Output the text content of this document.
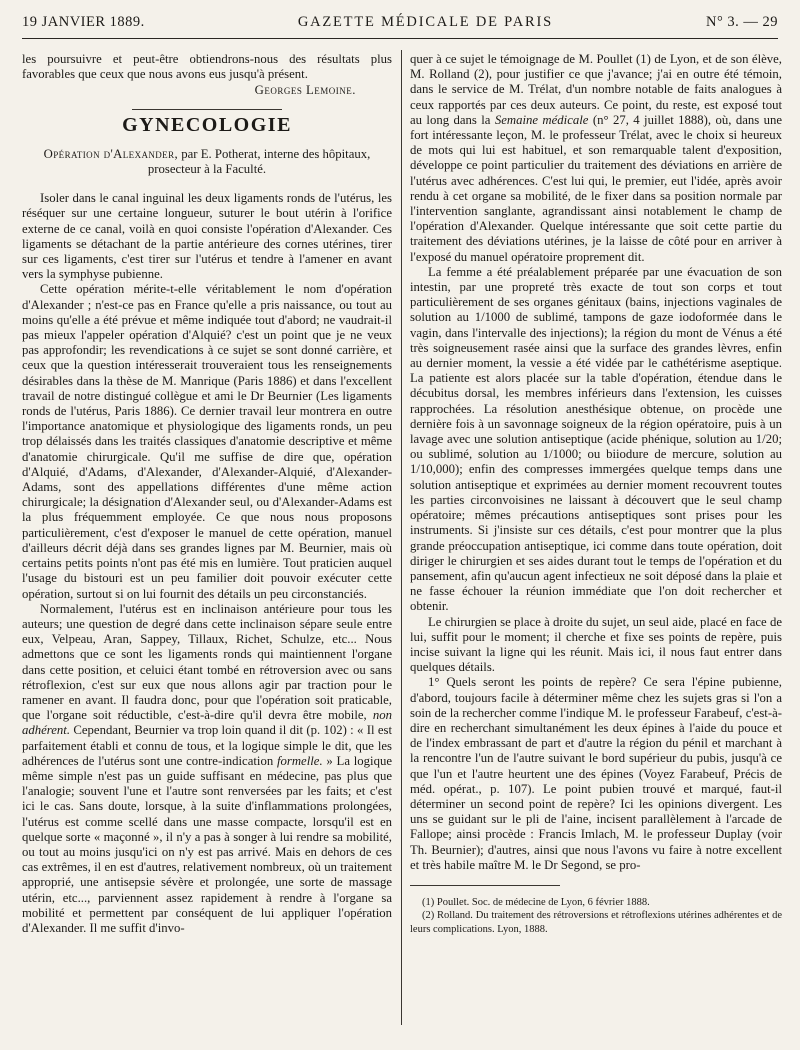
19 JANVIER 1889.	GAZETTE MÉDICALE DE PARIS	N° 3. — 29

les poursuivre et peut-être obtiendrons-nous des résultats plus favorables que ceux que nous avons eus jusqu'à présent.

Georges Lemoine.
GYNECOLOGIE

Opération d'Alexander, par E. Potherat, interne des hôpitaux, prosecteur à la Faculté.

Isoler dans le canal inguinal les deux ligaments ronds de l'utérus, les réséquer sur une certaine longueur, suturer le bout utérin à l'orifice externe de ce canal, voilà en quoi consiste l'opération d'Alexander. Ces ligaments se détachant de la partie antérieure des cornes utérines, tirer sur ces ligaments, c'est tirer sur l'utérus et tendre à l'amener en avant vers la symphyse pubienne.

Cette opération mérite-t-elle véritablement le nom d'opération d'Alexander ; n'est-ce pas en France qu'elle a pris naissance, ou tout au moins qu'elle a été prévue et même indiquée tout d'abord; ne vaudrait-il pas mieux l'appeler opération d'Alquié? c'est un point que je ne veux pas approfondir; les revendications à ce sujet se sont donné carrière, et ceux que la question intéresserait trouveraient tous les renseignements désirables dans la thèse de M. Manrique (Paris 1886) et dans l'excellent travail de notre distingué collègue et ami le Dr Beurnier (Les ligaments ronds de l'utérus, Paris 1886). Ce dernier travail leur montrera en outre l'importance anatomique et physiologique des ligaments ronds, un peu trop délaissés dans les traités classiques d'anatomie descriptive et même d'anatomie chirurgicale. Qu'il me suffise de dire que, opération d'Alquié, d'Adams, d'Alexander, d'Alexander-Alquié, d'Alexander-Adams, sont des appellations différentes d'une même action chirurgicale; la désignation d'Alexander seul, ou d'Alexander-Adams est la plus fréquemment employée. Ce que nous nous proposons particulièrement, c'est d'exposer le manuel de cette opération, manuel d'ailleurs décrit déjà dans ses grandes lignes par M. Beurnier, mais où certains petits points n'ont pas été mis en lumière. Tout praticien auquel l'usage du bistouri est un peu familier doit pouvoir exécuter cette opération, surtout si on lui fournit des détails un peu circonstanciés.

Normalement, l'utérus est en inclinaison antérieure pour tous les auteurs; une question de degré dans cette inclinaison sépare seule entre eux, Velpeau, Aran, Sappey, Tillaux, Richet, Schulze, etc... Nous admettons que ce sont les ligaments ronds qui maintiennent l'organe dans cette position, et celuici étant tombé en rétroversion avec ou sans rétroflexion, c'est sur eux que nous allons agir par traction pour le ramener en avant. Il faudra donc, pour que l'opération soit praticable, que l'organe soit réductible, c'est-à-dire qu'il devra être mobile, non adhérent. Cependant, Beurnier va trop loin quand il dit (p. 102) : « Il est parfaitement établi et connu de tous, et la logique simple le dit, que les adhérences de l'utérus sont une contre-indication formelle. » La logique même simple n'est pas un guide suffisant en médecine, pas plus que l'analogie; souvent l'une et l'autre sont renversées par les faits; et c'est ici le cas. Sans doute, lorsque, à la suite d'inflammations prolongées, l'utérus est comme scellé dans une masse compacte, lorsqu'il est en quelque sorte « maçonné », il n'y a pas à songer à lui rendre sa mobilité, ou tout au moins jusqu'ici on n'y est pas arrivé. Mais en dehors de ces cas extrêmes, il en est d'autres, relativement nombreux, où un traitement approprié, une antisepsie sévère et prolongée, une sorte de massage utérin, etc..., parviennent assez rapidement à rendre à l'organe sa mobilité et permettent par conséquent de lui appliquer l'opération d'Alexander. Il me suffit d'invo-

quer à ce sujet le témoignage de M. Poullet (1) de Lyon, et de son élève, M. Rolland (2), pour justifier ce que j'avance; j'ai en outre été témoin, dans le service de M. Trélat, d'un nombre notable de faits analogues à ceux rapportés par ces deux auteurs. Ce point, du reste, est exposé tout au long dans la Semaine médicale (n° 27, 4 juillet 1888), où, dans une fort intéressante leçon, M. le professeur Trélat, avec le choix si heureux de mots qui lui est habituel, et son remarquable talent d'exposition, développe ce point particulier du traitement des déviations en arrière de l'utérus avec adhérences. C'est lui qui, le premier, eut l'idée, après avoir rendu à cet organe sa mobilité, de le fixer dans sa position normale par l'intervention sanglante, agrandissant ainsi notablement le champ de l'opération d'Alexander. Quelque intéressante que soit cette partie du traitement des déviations utérines, je la laisse de côté pour en arriver à l'exposé du manuel opératoire proprement dit.

La femme a été préalablement préparée par une évacuation de son intestin, par une propreté très exacte de tout son corps et tout particulièrement de ses organes génitaux (bains, injections vaginales de solution au 1/1000 de sublimé, tampons de gaze iodoformée dans le vagin, dans l'intervalle des injections); la région du mont de Vénus a été très soigneusement rasée ainsi que la surface des grandes lèvres, enfin au dernier moment, la vessie a été vidée par le cathétérisme aseptique. La patiente est alors placée sur la table d'opération, étendue dans le décubitus dorsal, les membres inférieurs dans l'extension, les cuisses rapprochées. La résolution anesthésique obtenue, on procède une dernière fois à un savonnage soigneux de la région opératoire, puis à un lavage avec une solution antiseptique (acide phénique, solution au 1/20; ou sublimé, solution au 1/1000; ou biiodure de mercure, solution au 1/10,000); enfin des compresses immergées quelque temps dans une solution antiseptique et exprimées au dernier moment recouvrent toutes les parties circonvoisines ne laissant à découvert que le seul champ opératoire; mêmes précautions antiseptiques sont prises pour les instruments. Si j'insiste sur ces détails, c'est pour montrer que la plus grande préoccupation antiseptique, ici comme dans toute opération, doit diriger le chirurgien et ses aides durant tout le temps de l'opération et du pansement, afin qu'aucun agent infectieux ne soit déposé dans la plaie et ne fasse échouer la réunion immédiate que l'on doit rechercher et obtenir.

Le chirurgien se place à droite du sujet, un seul aide, placé en face de lui, suffit pour le moment; il cherche et fixe ses points de repère, puis incise suivant la ligne qui les réunit. Mais ici, il nous faut entrer dans quelques détails.

1° Quels seront les points de repère? Ce sera l'épine pubienne, d'abord, toujours facile à déterminer même chez les sujets gras si l'on a soin de la rechercher comme l'indique M. le professeur Farabeuf, c'est-à-dire en recherchant simultanément les deux épines à l'aide du pouce et de l'index embrassant de part et d'autre la région du pénil et marchant à la rencontre l'un de l'autre suivant le bord supérieur du pubis, jusqu'à ce que l'un et l'autre heurtent une des épines (Voyez Farabeuf, Précis de méd. opérat., p. 107). Le point pubien trouvé et marqué, faut-il déterminer un second point de repère? Ici les opinions divergent. Les uns se guidant sur le pli de l'aine, incisent parallèlement à l'arcade de Fallope; ainsi procède : Francis Imlach, M. le professeur Duplay (voir Th. Beurnier); d'autres, ainsi que nous l'avons vu faire à notre excellent et très habile maître M. le Dr Segond, se pro-

(1) Poullet. Soc. de médecine de Lyon, 6 février 1888.

(2) Rolland. Du traitement des rétroversions et rétroflexions utérines adhérentes et de leurs complications. Lyon, 1888.
